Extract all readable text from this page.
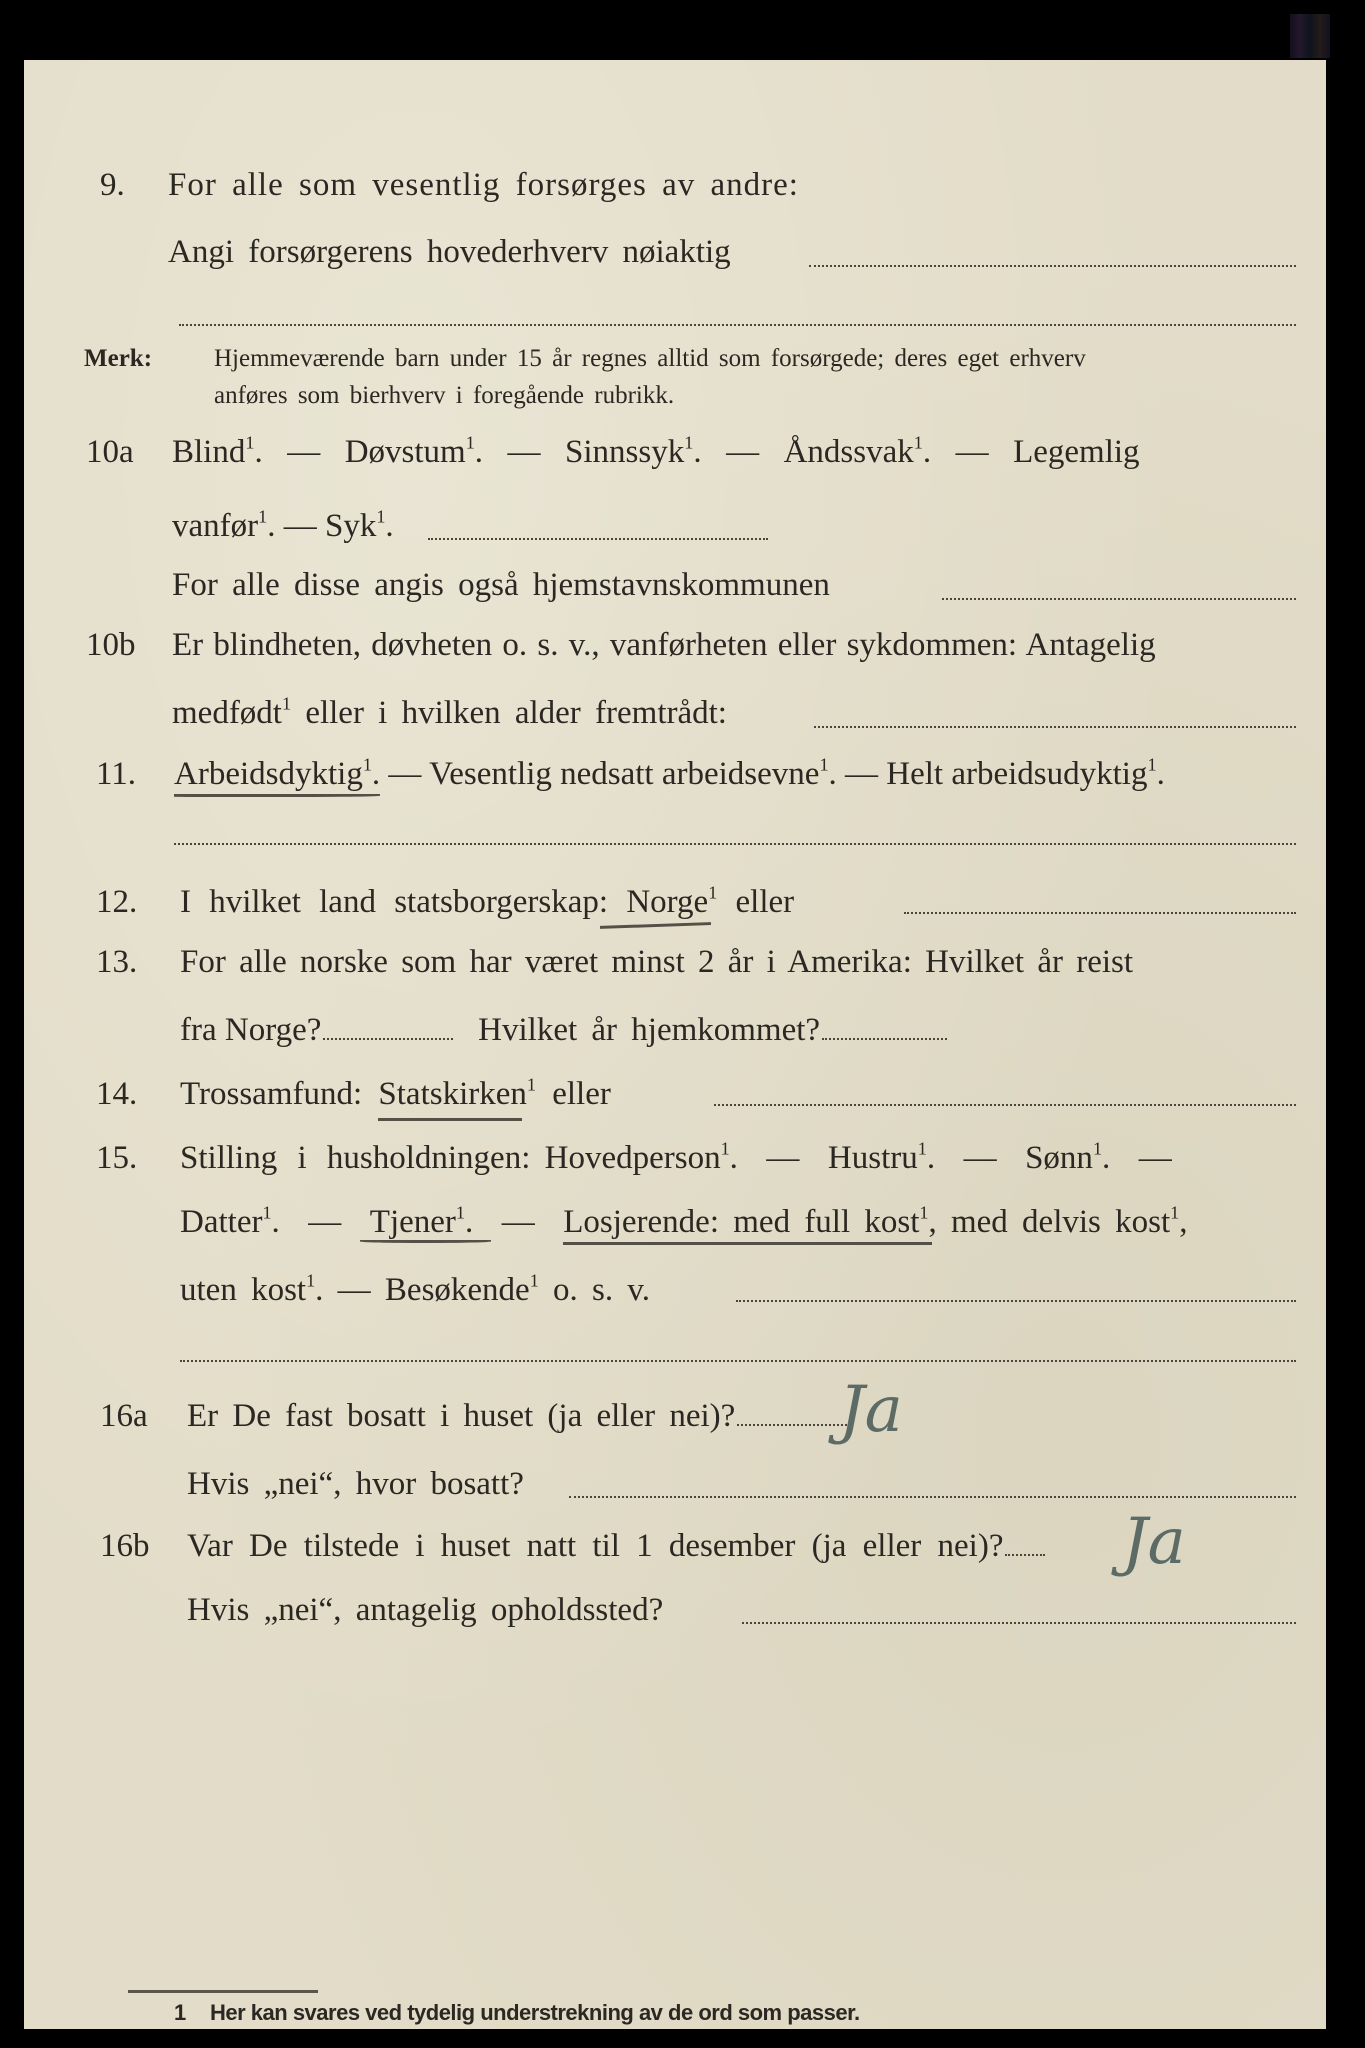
9. For alle som vesentlig forsørges av andre:
Angi forsørgerens hovederhverv nøiaktig
Merk: Hjemmeværende barn under 15 år regnes alltid som forsørgede; deres eget erhverv
anføres som bierhverv i foregående rubrikk.
10a Blind$^1$. — Døvstum$^1$. — Sinnssyk$^1$. — Åndssvak$^1$. — Legemlig
vanfør$^1$. — Syk$^1$.
For alle disse angis også hjemstavnskommunen
10b Er blindheten, døvheten o. s. v., vanførheten eller sykdommen: Antagelig
medfødt$^1$ eller i hvilken alder fremtrådt:
11. Arbeidsdyktig$^1$
. — Vesentlig nedsatt arbeidsevne$^1$. — Helt arbeidsudyktig$^1$.
12. I hvilket land statsborgerskap: Norge$^1$ eller
13. For alle norske som har været minst 2 år i Amerika: Hvilket år reist
fra Norge?	Hvilket år hjemkommet?
14. Trossamfund: Statskirken$^1$ eller
15. Stilling i husholdningen: Hovedperson$^1$.  —  Hustru$^1$.  —  Sønn$^1$.  —
Datter$^1$.  —  Tjener$^1$.
—  Losjerende: med full kost$^1$
, med delvis kost$^1$,
uten kost$^1$. — Besøkende$^1$ o. s. v.
16a Er De fast bosatt i huset (ja eller nei)?	Ja
Hvis „nei“, hvor bosatt?
16b Var De tilstede i huset natt til 1 desember (ja eller nei)?	Ja
Hvis „nei“, antagelig opholdssted?
1 Her kan svares ved tydelig understrekning av de ord som passer.
